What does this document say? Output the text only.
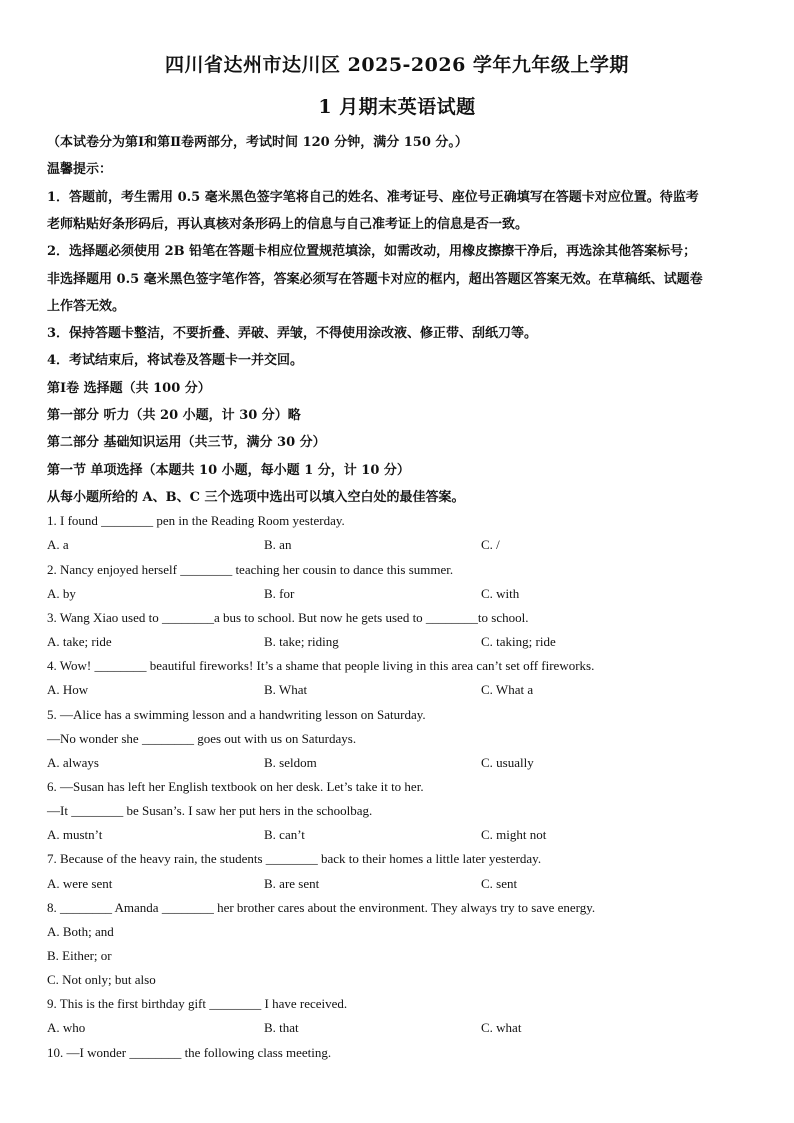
四川省达州市达川区 2025-2026 学年九年级上学期
1 月期末英语试题
（本试卷分为第Ⅰ和第Ⅱ卷两部分，考试时间 120 分钟，满分 150 分。）
温馨提示：
1．答题前，考生需用 0.5 毫米黑色签字笔将自己的姓名、准考证号、座位号正确填写在答题卡对应位置。待监考
老师粘贴好条形码后，再认真核对条形码上的信息与自己准考证上的信息是否一致。
2．选择题必须使用 2B 铅笔在答题卡相应位置规范填涂，如需改动，用橡皮擦擦干净后，再选涂其他答案标号；
非选择题用 0.5 毫米黑色签字笔作答，答案必须写在答题卡对应的框内，超出答题区答案无效。在草稿纸、试题卷
上作答无效。
3．保持答题卡整洁，不要折叠、弄破、弄皱，不得使用涂改液、修正带、刮纸刀等。
4．考试结束后，将试卷及答题卡一并交回。
第Ⅰ卷 选择题（共 100 分）
第一部分 听力（共 20 小题，计 30 分）略
第二部分 基础知识运用（共三节，满分 30 分）
第一节 单项选择（本题共 10 小题，每小题 1 分，计 10 分）
从每小题所给的 A、B、C 三个选项中选出可以填入空白处的最佳答案。
1. I found ________ pen in the Reading Room yesterday.
A. a	B. an	C. /
2. Nancy enjoyed herself ________ teaching her cousin to dance this summer.
A. by	B. for	C. with
3. Wang Xiao used to ________a bus to school. But now he gets used to ________to school.
A. take; ride	B. take; riding	C. taking; ride
4. Wow! ________ beautiful fireworks! It’s a shame that people living in this area can’t set off fireworks.
A. How	B. What	C. What a
5. —Alice has a swimming lesson and a handwriting lesson on Saturday.
—No wonder she ________ goes out with us on Saturdays.
A. always	B. seldom	C. usually
6. —Susan has left her English textbook on her desk. Let’s take it to her.
—It ________ be Susan’s. I saw her put hers in the schoolbag.
A. mustn’t	B. can’t	C. might not
7. Because of the heavy rain, the students ________ back to their homes a little later yesterday.
A. were sent	B. are sent	C. sent
8. ________ Amanda ________ her brother cares about the environment. They always try to save energy.
A. Both; and
B. Either; or
C. Not only; but also
9. This is the first birthday gift ________ I have received.
A. who	B. that	C. what
10. —I wonder ________ the following class meeting.
